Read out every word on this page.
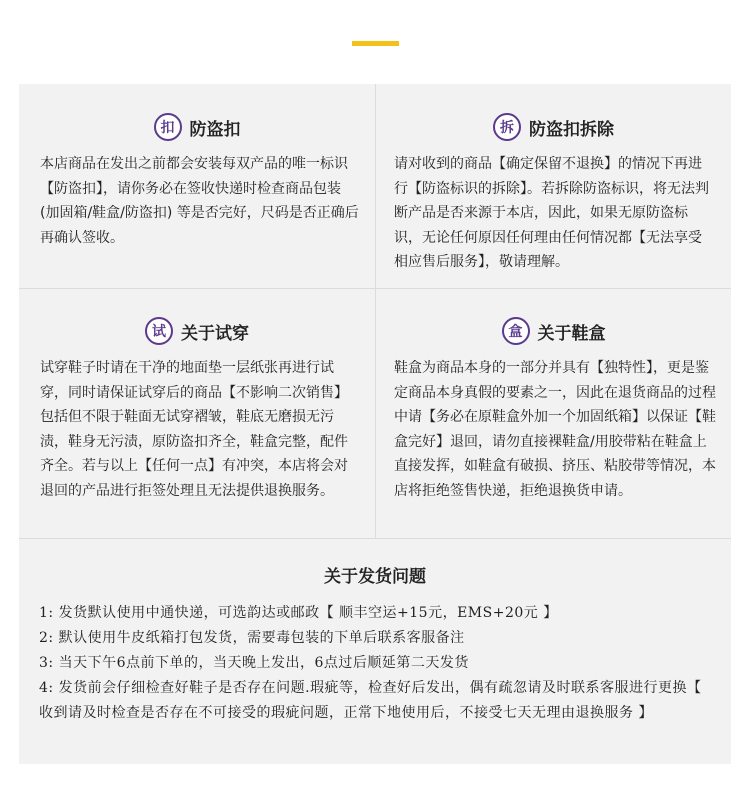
扣 防盗扣
本店商品在发出之前都会安装每双产品的唯一标识【防盗扣】，请你务必在签收快递时检查商品包装(加固箱/鞋盒/防盗扣) 等是否完好，尺码是否正确后再确认签收。
拆 防盗扣拆除
请对收到的商品【确定保留不退换】的情况下再进行【防盗标识的拆除】。若拆除防盗标识，将无法判断产品是否来源于本店，因此，如果无原防盗标识，无论任何原因任何理由任何情况都【无法享受相应售后服务】，敬请理解。
试 关于试穿
试穿鞋子时请在干净的地面垫一层纸张再进行试穿，同时请保证试穿后的商品【不影响二次销售】包括但不限于鞋面无试穿褶皱，鞋底无磨损无污渍，鞋身无污渍，原防盗扣齐全，鞋盒完整，配件齐全。若与以上【任何一点】有冲突，本店将会对退回的产品进行拒签处理且无法提供退换服务。
盒 关于鞋盒
鞋盒为商品本身的一部分并具有【独特性】，更是鉴定商品本身真假的要素之一，因此在退货商品的过程中请【务必在原鞋盒外加一个加固纸箱】以保证【鞋盒完好】退回，请勿直接裸鞋盒/用胶带粘在鞋盒上直接发挥，如鞋盒有破损、挤压、粘胶带等情况，本店将拒绝签售快递，拒绝退换货申请。
关于发货问题
1: 发货默认使用中通快递，可选韵达或邮政【 顺丰空运+15元，EMS+20元 】
2: 默认使用牛皮纸箱打包发货，需要毒包装的下单后联系客服备注
3: 当天下午6点前下单的，当天晚上发出，6点过后顺延第二天发货
4: 发货前会仔细检查好鞋子是否存在问题.瑕疵等，检查好后发出，偶有疏忽请及时联系客服进行更换【 收到请及时检查是否存在不可接受的瑕疵问题，正常下地使用后，不接受七天无理由退换服务 】
